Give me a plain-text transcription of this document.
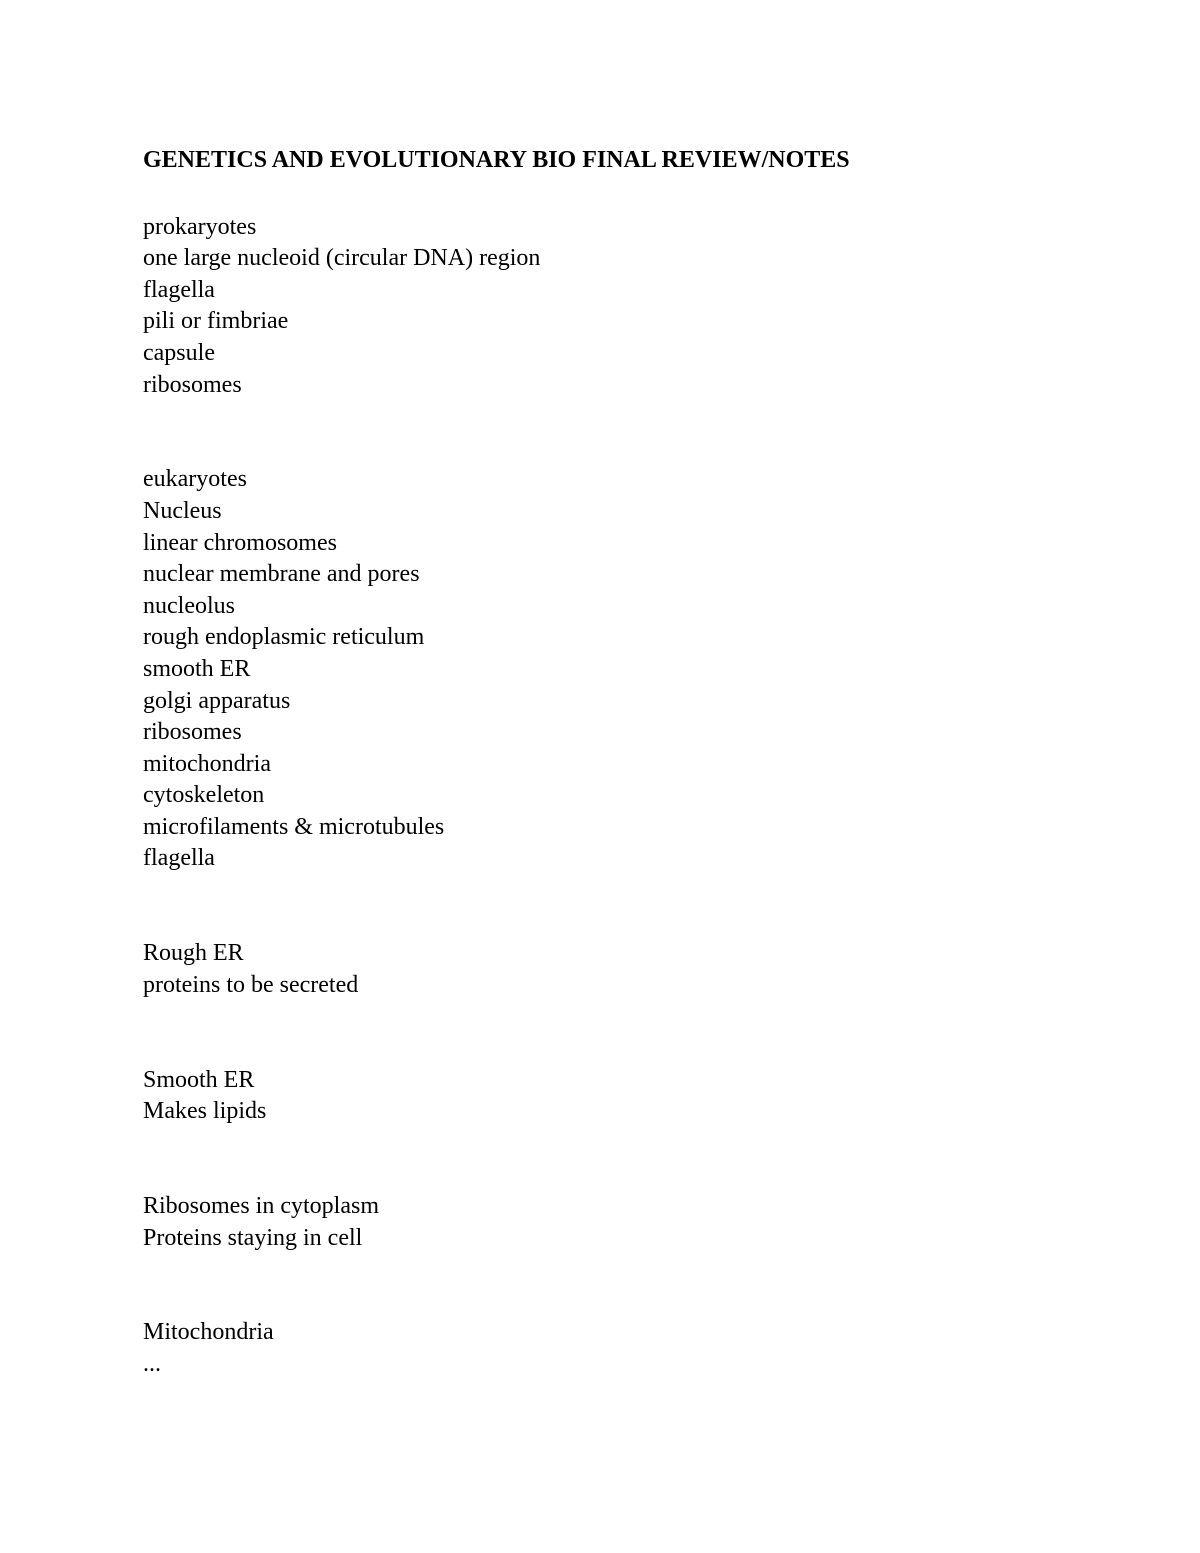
GENETICS AND EVOLUTIONARY BIO FINAL REVIEW/NOTES
prokaryotes
one large nucleoid (circular DNA) region
flagella
pili or fimbriae
capsule
ribosomes
eukaryotes
Nucleus
linear chromosomes
nuclear membrane and pores
nucleolus
rough endoplasmic reticulum
smooth ER
golgi apparatus
ribosomes
mitochondria
cytoskeleton
microfilaments & microtubules
flagella
Rough ER
proteins to be secreted
Smooth ER
Makes lipids
Ribosomes in cytoplasm
Proteins staying in cell
Mitochondria
...
